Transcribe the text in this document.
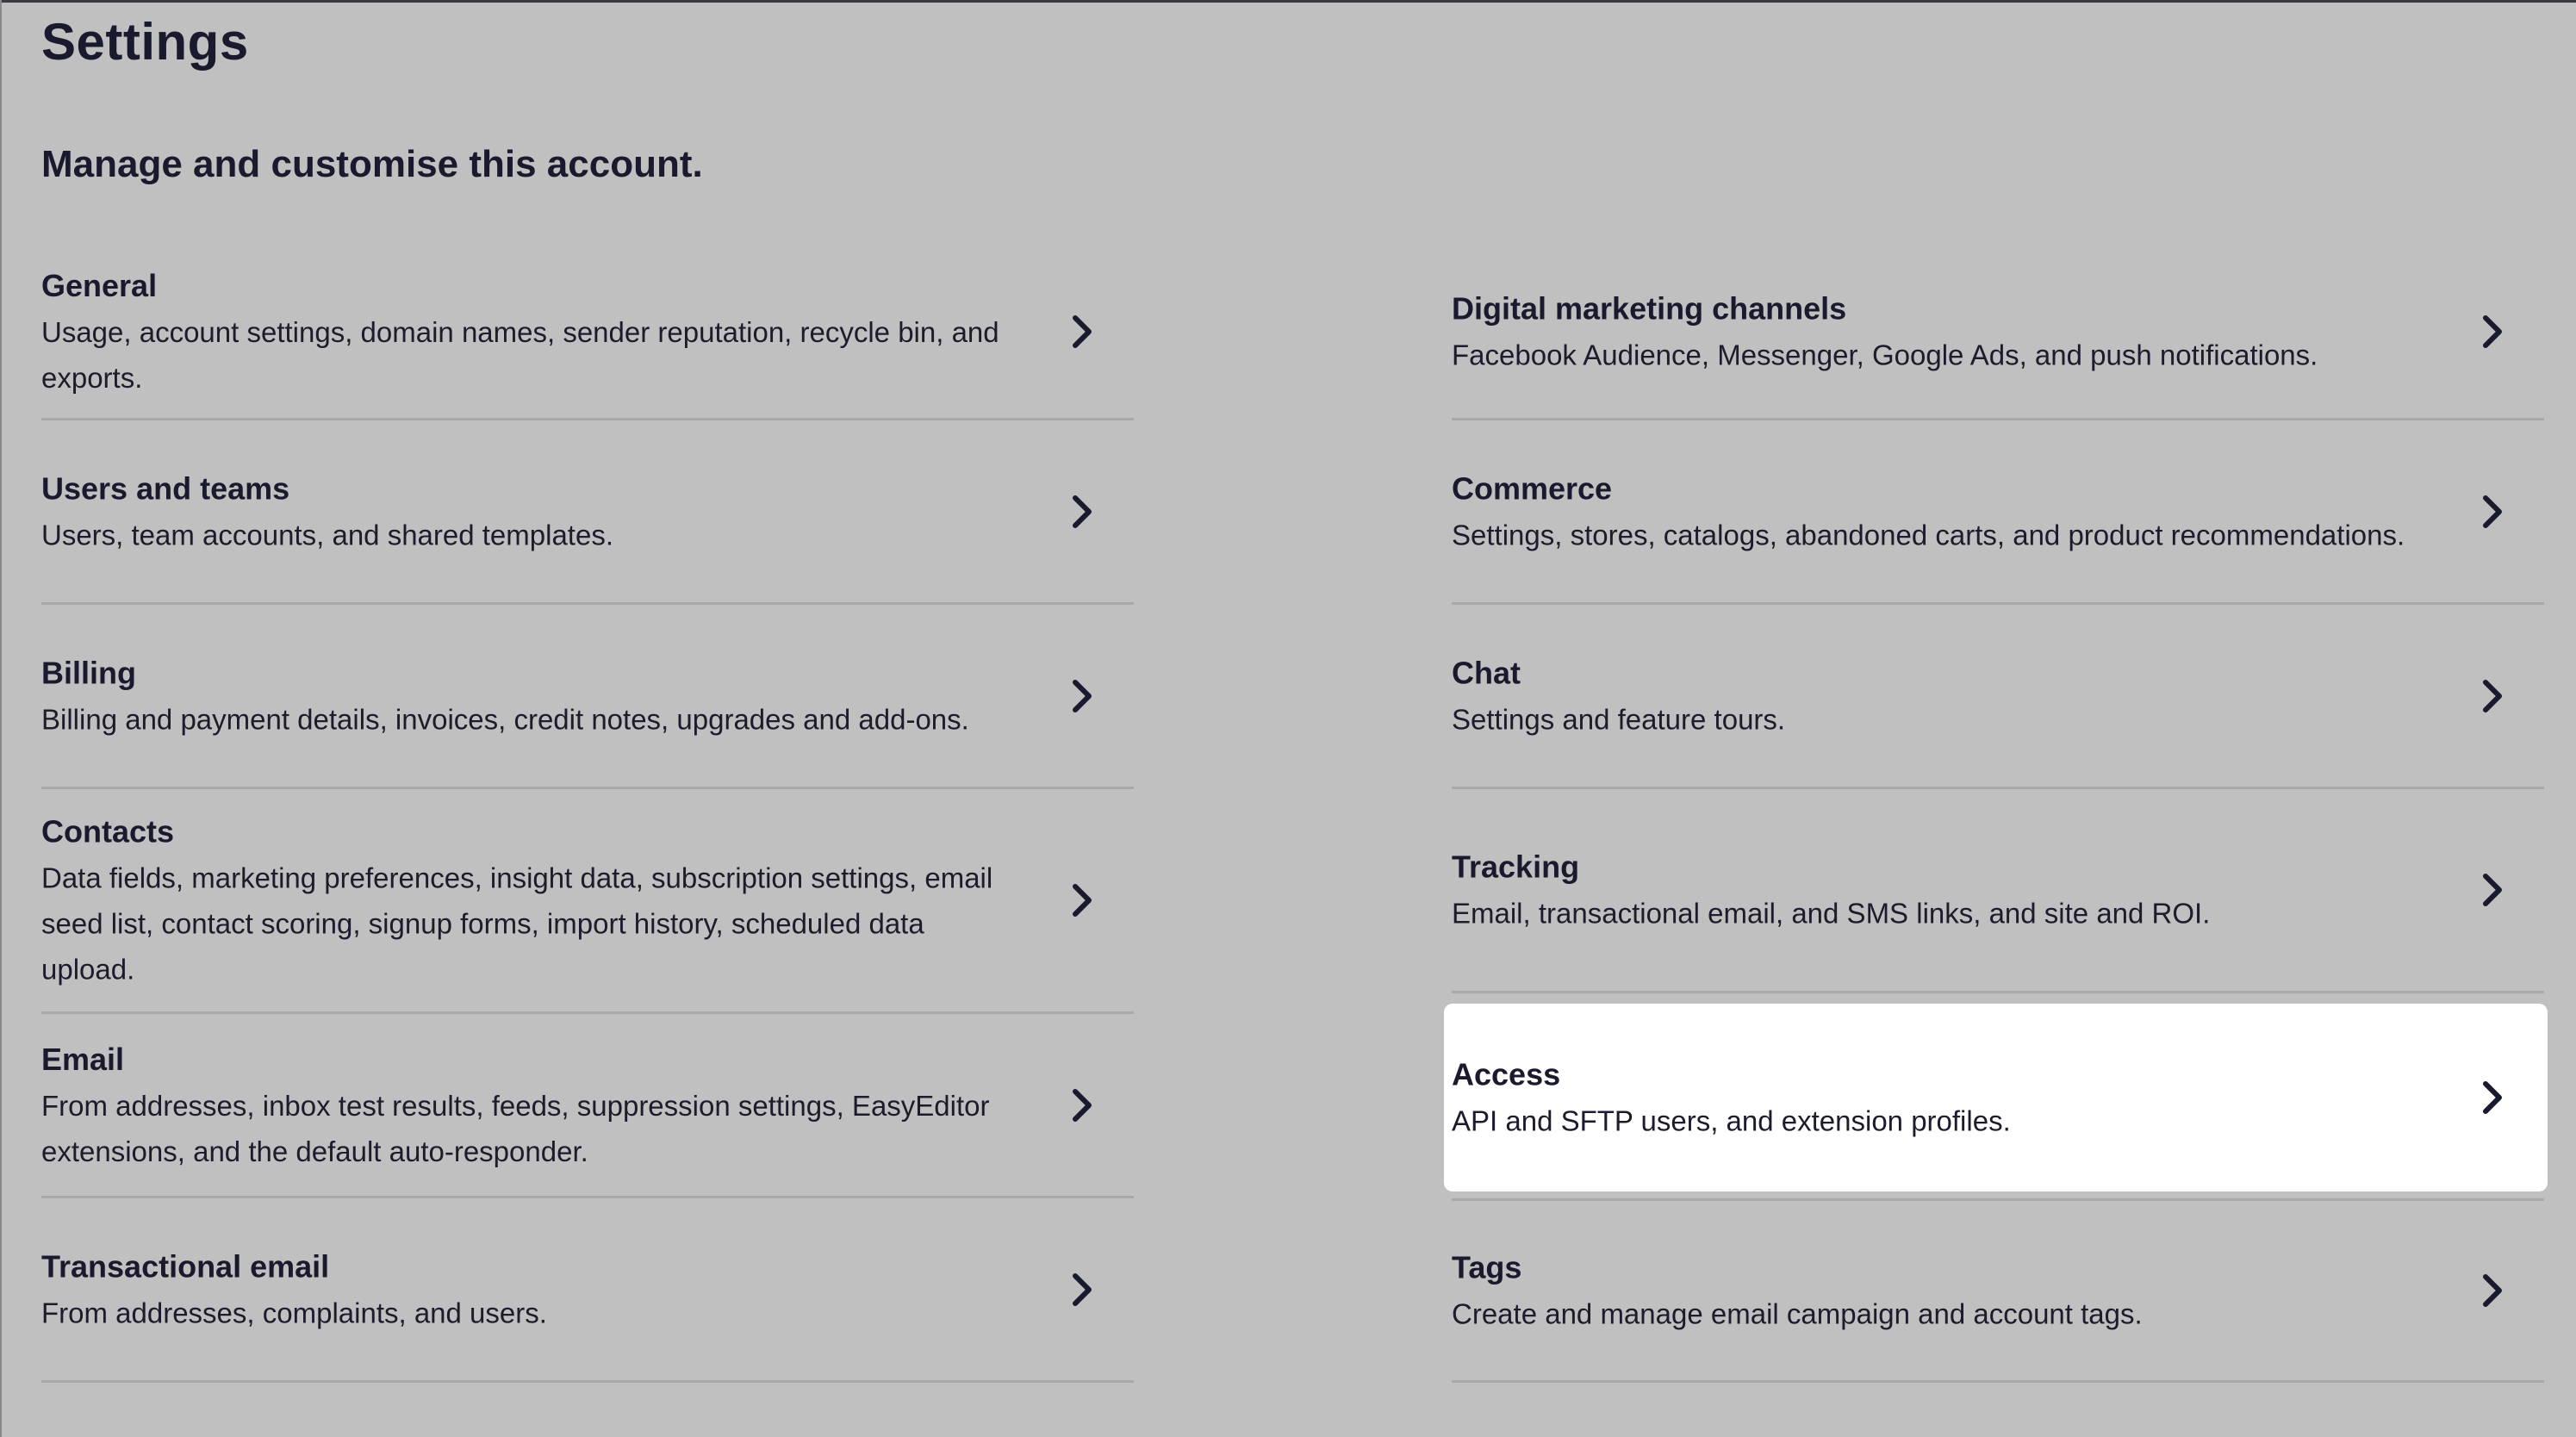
Settings
Manage and customise this account.
General
Usage, account settings, domain names, sender reputation, recycle bin, and exports.
Users and teams
Users, team accounts, and shared templates.
Billing
Billing and payment details, invoices, credit notes, upgrades and add-ons.
Contacts
Data fields, marketing preferences, insight data, subscription settings, email seed list, contact scoring, signup forms, import history, scheduled data upload.
Email
From addresses, inbox test results, feeds, suppression settings, EasyEditor extensions, and the default auto-responder.
Transactional email
From addresses, complaints, and users.
Digital marketing channels
Facebook Audience, Messenger, Google Ads, and push notifications.
Commerce
Settings, stores, catalogs, abandoned carts, and product recommendations.
Chat
Settings and feature tours.
Tracking
Email, transactional email, and SMS links, and site and ROI.
Access
API and SFTP users, and extension profiles.
Tags
Create and manage email campaign and account tags.
